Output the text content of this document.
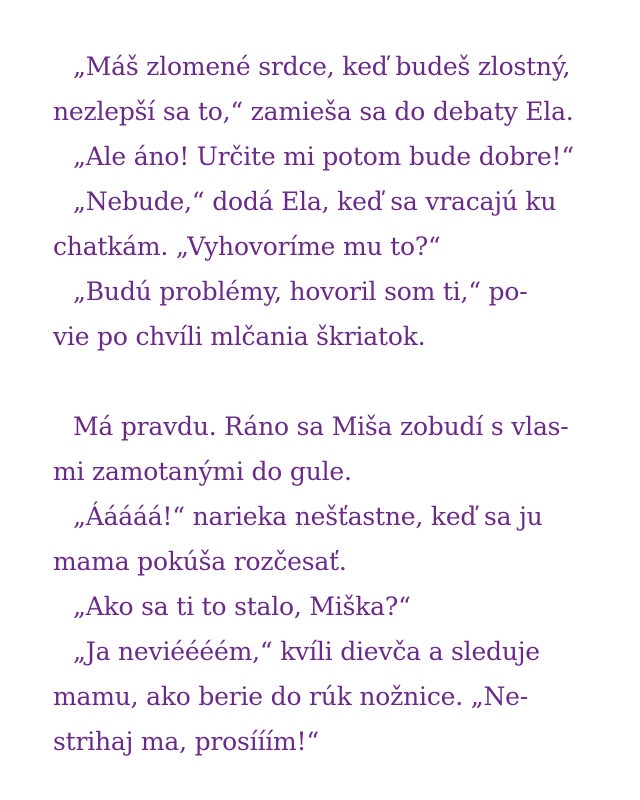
„Máš zlomené srdce, keď budeš zlostný,
nezlepší sa to,“ zamieša sa do debaty Ela.
„Ale áno! Určite mi potom bude dobre!“
„Nebude,“ dodá Ela, keď sa vracajú ku
chatkám. „Vyhovoríme mu to?“
„Budú problémy, hovoril som ti,“ po-
vie po chvíli mlčania škriatok.
Má pravdu. Ráno sa Miša zobudí s vlas-
mi zamotanými do gule.
„Ááááá!“ narieka nešťastne, keď sa ju
mama pokúša rozčesať.
„Ako sa ti to stalo, Miška?“
„Ja neviéééém,“ kvíli dievča a sleduje
mamu, ako berie do rúk nožnice. „Ne-
strihaj ma, prosííím!“
